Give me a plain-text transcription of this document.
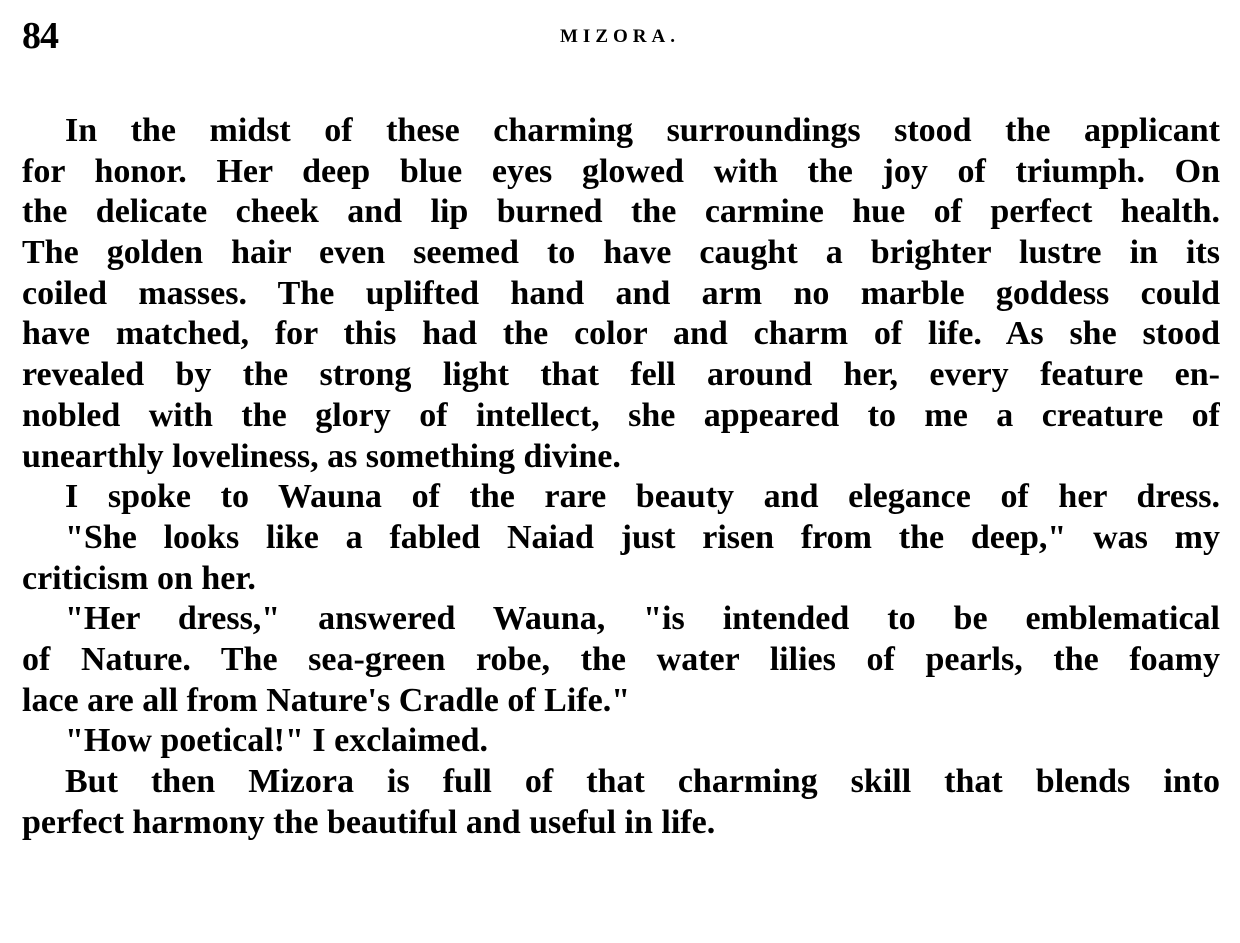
84	MIZORA.
In the midst of these charming surroundings stood the applicant
for honor. Her deep blue eyes glowed with the joy of triumph. On
the delicate cheek and lip burned the carmine hue of perfect health.
The golden hair even seemed to have caught a brighter lustre in its
coiled masses. The uplifted hand and arm no marble goddess could
have matched, for this had the color and charm of life. As she stood
revealed by the strong light that fell around her, every feature en-
nobled with the glory of intellect, she appeared to me a creature of
unearthly loveliness, as something divine.
I spoke to Wauna of the rare beauty and elegance of her dress.
"She looks like a fabled Naiad just risen from the deep," was my
criticism on her.
"Her dress," answered Wauna, "is intended to be emblematical
of Nature. The sea-green robe, the water lilies of pearls, the foamy
lace are all from Nature's Cradle of Life."
"How poetical!" I exclaimed.
But then Mizora is full of that charming skill that blends into
perfect harmony the beautiful and useful in life.
